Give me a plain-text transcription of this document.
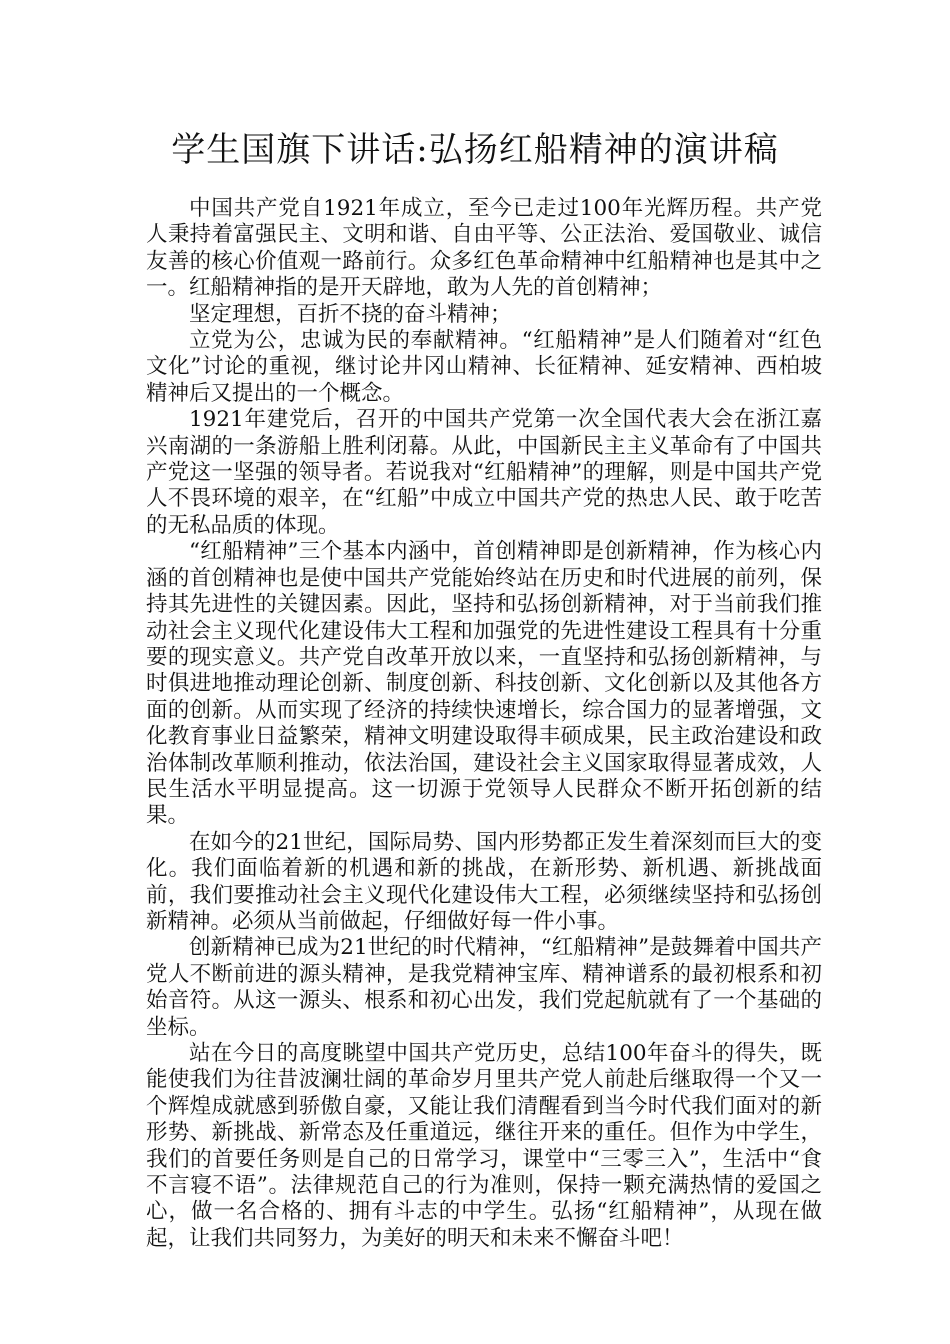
学生国旗下讲话:弘扬红船精神的演讲稿

中国共产党自1921年成立，至今已走过100年光辉历程。共产党人秉持着富强民主、文明和谐、自由平等、公正法治、爱国敬业、诚信友善的核心价值观一路前行。众多红色革命精神中红船精神也是其中之一。红船精神指的是开天辟地，敢为人先的首创精神；

坚定理想，百折不挠的奋斗精神；

立党为公，忠诚为民的奉献精神。“红船精神”是人们随着对“红色文化”讨论的重视，继讨论井冈山精神、长征精神、延安精神、西柏坡精神后又提出的一个概念。

1921年建党后，召开的中国共产党第一次全国代表大会在浙江嘉兴南湖的一条游船上胜利闭幕。从此，中国新民主主义革命有了中国共产党这一坚强的领导者。若说我对“红船精神”的理解，则是中国共产党人不畏环境的艰辛，在“红船”中成立中国共产党的热忠人民、敢于吃苦的无私品质的体现。

“红船精神”三个基本内涵中，首创精神即是创新精神，作为核心内涵的首创精神也是使中国共产党能始终站在历史和时代进展的前列，保持其先进性的关键因素。因此，坚持和弘扬创新精神，对于当前我们推动社会主义现代化建设伟大工程和加强党的先进性建设工程具有十分重要的现实意义。共产党自改革开放以来，一直坚持和弘扬创新精神，与时俱进地推动理论创新、制度创新、科技创新、文化创新以及其他各方面的创新。从而实现了经济的持续快速增长，综合国力的显著增强，文化教育事业日益繁荣，精神文明建设取得丰硕成果，民主政治建设和政治体制改革顺利推动，依法治国，建设社会主义国家取得显著成效，人民生活水平明显提高。这一切源于党领导人民群众不断开拓创新的结果。

在如今的21世纪，国际局势、国内形势都正发生着深刻而巨大的变化。我们面临着新的机遇和新的挑战，在新形势、新机遇、新挑战面前，我们要推动社会主义现代化建设伟大工程，必须继续坚持和弘扬创新精神。必须从当前做起，仔细做好每一件小事。

创新精神已成为21世纪的时代精神，“红船精神”是鼓舞着中国共产党人不断前进的源头精神，是我党精神宝库、精神谱系的最初根系和初始音符。从这一源头、根系和初心出发，我们党起航就有了一个基础的坐标。

站在今日的高度眺望中国共产党历史，总结100年奋斗的得失，既能使我们为往昔波澜壮阔的革命岁月里共产党人前赴后继取得一个又一个辉煌成就感到骄傲自豪，又能让我们清醒看到当今时代我们面对的新形势、新挑战、新常态及任重道远，继往开来的重任。但作为中学生，我们的首要任务则是自己的日常学习，课堂中“三零三入”，生活中“食不言寝不语”。法律规范自己的行为准则，保持一颗充满热情的爱国之心，做一名合格的、拥有斗志的中学生。弘扬“红船精神”，从现在做起，让我们共同努力，为美好的明天和未来不懈奋斗吧！
